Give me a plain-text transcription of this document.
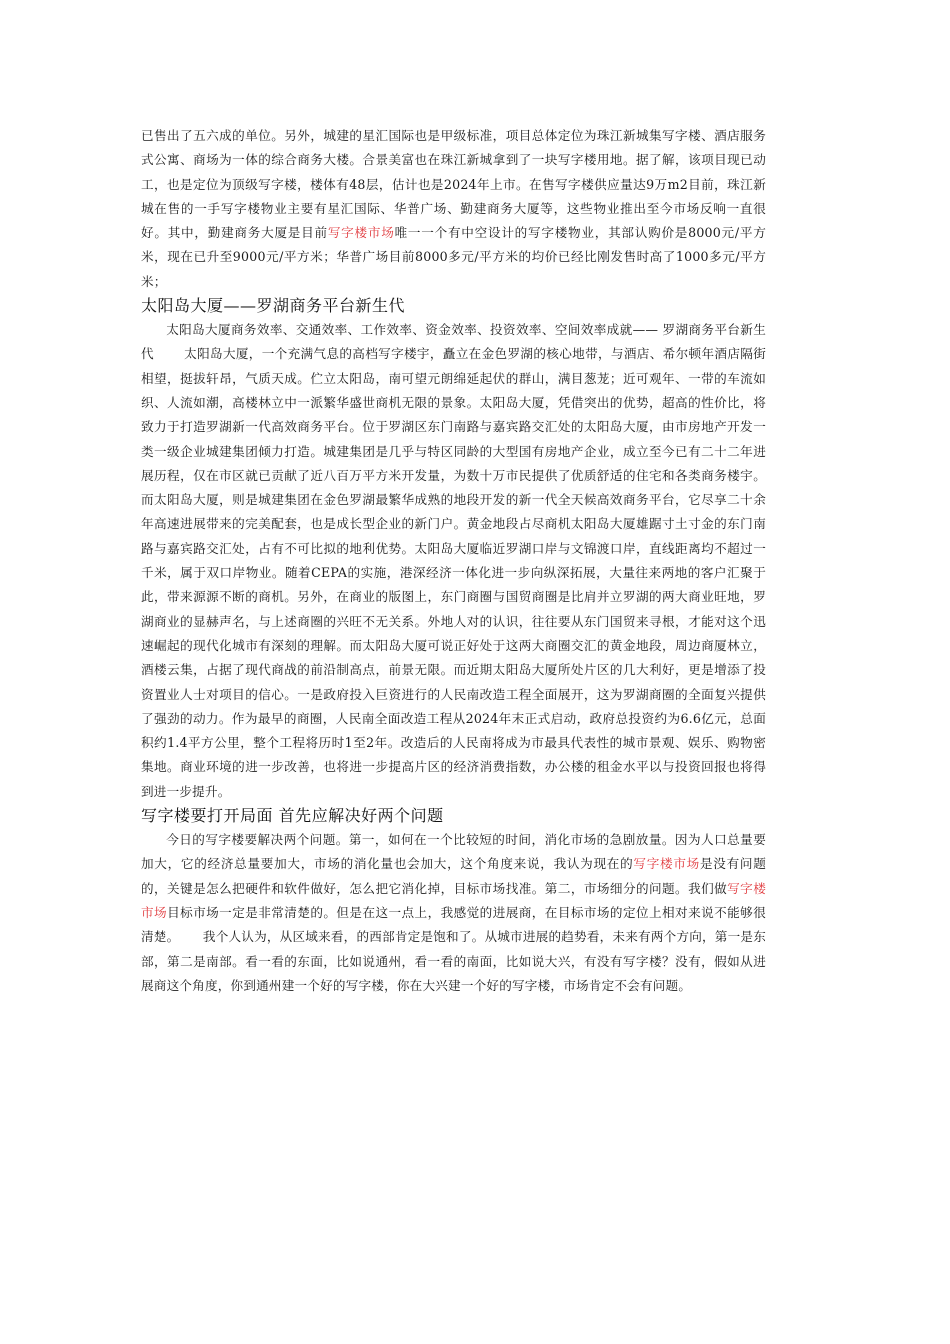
已售出了五六成的单位。另外，城建的星汇国际也是甲级标准，项目总体定位为珠江新城集写字楼、酒店服务式公寓、商场为一体的综合商务大楼。合景美富也在珠江新城拿到了一块写字楼用地。据了解，该项目现已动工，也是定位为顶级写字楼，楼体有48层，估计也是2024年上市。在售写字楼供应量达9万m2目前，珠江新城在售的一手写字楼物业主要有星汇国际、华普广场、勤建商务大厦等，这些物业推出至今市场反响一直很好。其中，勤建商务大厦是目前写字楼市场唯一一个有中空设计的写字楼物业，其部认购价是8000元/平方米，现在已升至9000元/平方米；华普广场目前8000多元/平方米的均价已经比刚发售时高了1000多元/平方米；

太阳岛大厦——罗湖商务平台新生代

太阳岛大厦商务效率、交通效率、工作效率、资金效率、投资效率、空间效率成就—— 罗湖商务平台新生代　　 太阳岛大厦，一个充满气息的高档写字楼宇，矗立在金色罗湖的核心地带，与酒店、希尔顿年酒店隔街相望，挺拔轩昂，气质天成。伫立太阳岛，南可望元朗绵延起伏的群山，满目葱茏；近可观年、一带的车流如织、人流如潮，高楼林立中一派繁华盛世商机无限的景象。太阳岛大厦，凭借突出的优势，超高的性价比，将致力于打造罗湖新一代高效商务平台。位于罗湖区东门南路与嘉宾路交汇处的太阳岛大厦，由市房地产开发一类一级企业城建集团倾力打造。城建集团是几乎与特区同龄的大型国有房地产企业，成立至今已有二十二年进展历程，仅在市区就已贡献了近八百万平方米开发量，为数十万市民提供了优质舒适的住宅和各类商务楼宇。而太阳岛大厦，则是城建集团在金色罗湖最繁华成熟的地段开发的新一代全天候高效商务平台，它尽享二十余年高速进展带来的完美配套，也是成长型企业的新门户。黄金地段占尽商机太阳岛大厦雄踞寸土寸金的东门南路与嘉宾路交汇处，占有不可比拟的地利优势。太阳岛大厦临近罗湖口岸与文锦渡口岸，直线距离均不超过一千米，属于双口岸物业。随着CEPA的实施，港深经济一体化进一步向纵深拓展，大量往来两地的客户汇聚于此，带来源源不断的商机。另外，在商业的版图上，东门商圈与国贸商圈是比肩并立罗湖的两大商业旺地，罗湖商业的显赫声名，与上述商圈的兴旺不无关系。外地人对的认识，往往要从东门国贸来寻根，才能对这个迅速崛起的现代化城市有深刻的理解。而太阳岛大厦可说正好处于这两大商圈交汇的黄金地段，周边商厦林立，酒楼云集，占据了现代商战的前沿制高点，前景无限。而近期太阳岛大厦所处片区的几大利好，更是增添了投资置业人士对项目的信心。一是政府投入巨资进行的人民南改造工程全面展开，这为罗湖商圈的全面复兴提供了强劲的动力。作为最早的商圈，人民南全面改造工程从2024年末正式启动，政府总投资约为6.6亿元，总面积约1.4平方公里，整个工程将历时1至2年。改造后的人民南将成为市最具代表性的城市景观、娱乐、购物密集地。商业环境的进一步改善，也将进一步提高片区的经济消费指数，办公楼的租金水平以与投资回报也将得到进一步提升。

写字楼要打开局面 首先应解决好两个问题

今日的写字楼要解决两个问题。第一，如何在一个比较短的时间，消化市场的急剧放量。因为人口总量要加大，它的经济总量要加大，市场的消化量也会加大，这个角度来说，我认为现在的写字楼市场是没有问题的，关键是怎么把硬件和软件做好，怎么把它消化掉，目标市场找准。第二，市场细分的问题。我们做写字楼市场目标市场一定是非常清楚的。但是在这一点上，我感觉的进展商，在目标市场的定位上相对来说不能够很清楚。　　 我个人认为，从区域来看，的西部肯定是饱和了。从城市进展的趋势看，未来有两个方向，第一是东部，第二是南部。看一看的东面，比如说通州，看一看的南面，比如说大兴，有没有写字楼？没有，假如从进展商这个角度，你到通州建一个好的写字楼，你在大兴建一个好的写字楼，市场肯定不会有问题。
